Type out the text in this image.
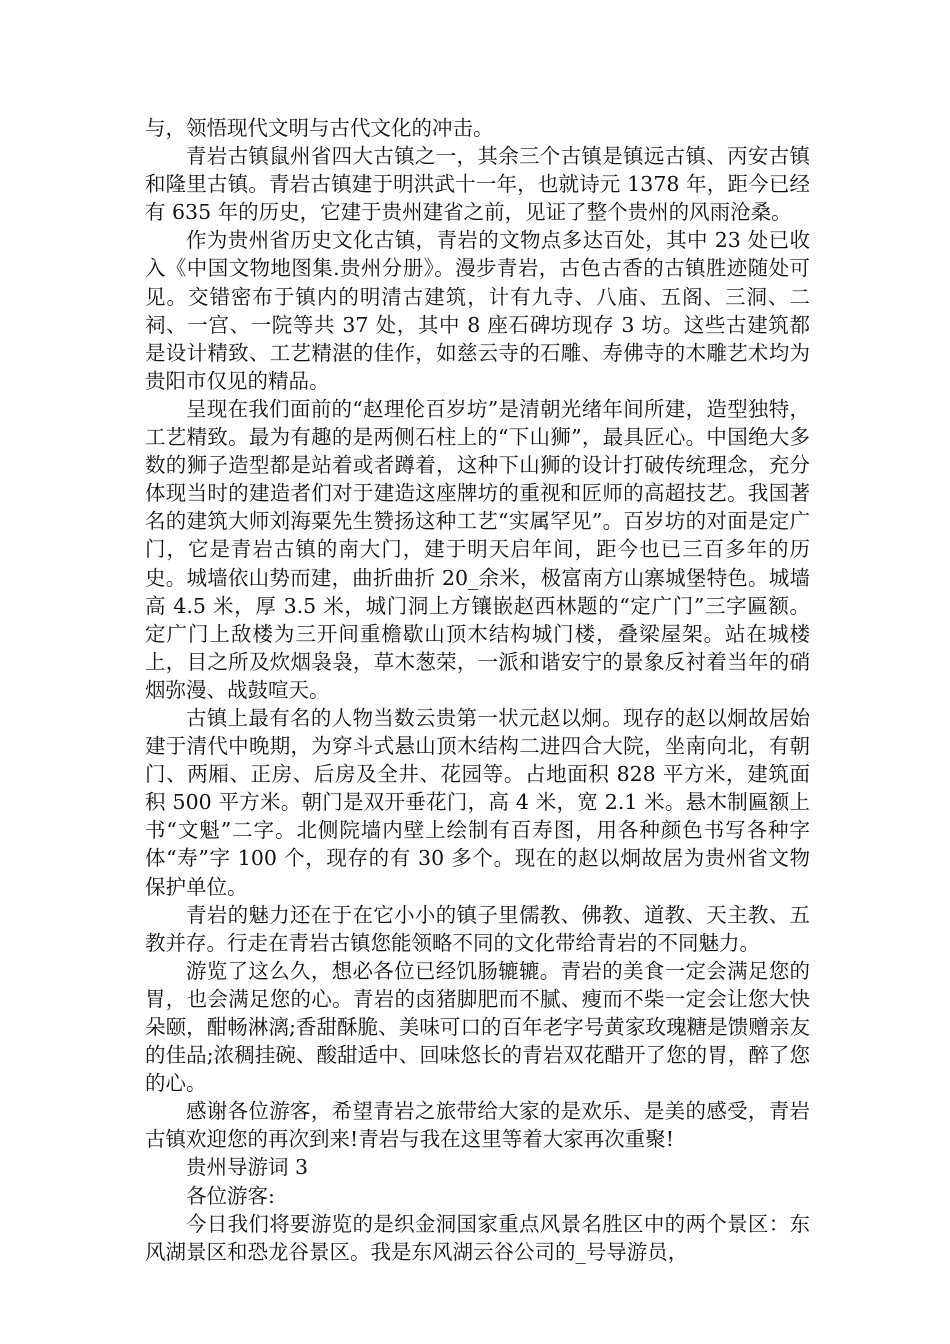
与，领悟现代文明与古代文化的冲击。

青岩古镇鼠州省四大古镇之一，其余三个古镇是镇远古镇、丙安古镇和隆里古镇。青岩古镇建于明洪武十一年，也就诗元 1378 年，距今已经有 635 年的历史，它建于贵州建省之前，见证了整个贵州的风雨沧桑。

作为贵州省历史文化古镇，青岩的文物点多达百处，其中 23 处已收入《中国文物地图集.贵州分册》。漫步青岩，古色古香的古镇胜迹随处可见。交错密布于镇内的明清古建筑，计有九寺、八庙、五阁、三洞、二祠、一宫、一院等共 37 处，其中 8 座石碑坊现存 3 坊。这些古建筑都是设计精致、工艺精湛的佳作，如慈云寺的石雕、寿佛寺的木雕艺术均为贵阳市仅见的精品。

呈现在我们面前的“赵理伦百岁坊”是清朝光绪年间所建，造型独特，工艺精致。最为有趣的是两侧石柱上的“下山狮”，最具匠心。中国绝大多数的狮子造型都是站着或者蹲着，这种下山狮的设计打破传统理念，充分体现当时的建造者们对于建造这座牌坊的重视和匠师的高超技艺。我国著名的建筑大师刘海粟先生赞扬这种工艺“实属罕见”。百岁坊的对面是定广门，它是青岩古镇的南大门，建于明天启年间，距今也已三百多年的历史。城墙依山势而建，曲折曲折 20_余米，极富南方山寨城堡特色。城墙高 4.5 米，厚 3.5 米，城门洞上方镶嵌赵西林题的“定广门”三字匾额。定广门上敌楼为三开间重檐歇山顶木结构城门楼，叠梁屋架。站在城楼上，目之所及炊烟袅袅，草木葱荣，一派和谐安宁的景象反衬着当年的硝烟弥漫、战鼓喧天。

古镇上最有名的人物当数云贵第一状元赵以炯。现存的赵以炯故居始建于清代中晚期，为穿斗式悬山顶木结构二进四合大院，坐南向北，有朝门、两厢、正房、后房及全井、花园等。占地面积 828 平方米，建筑面积 500 平方米。朝门是双开垂花门，高 4 米，宽 2.1 米。悬木制匾额上书“文魁”二字。北侧院墙内壁上绘制有百寿图，用各种颜色书写各种字体“寿”字 100 个，现存的有 30 多个。现在的赵以炯故居为贵州省文物保护单位。

青岩的魅力还在于在它小小的镇子里儒教、佛教、道教、天主教、五教并存。行走在青岩古镇您能领略不同的文化带给青岩的不同魅力。

游览了这么久，想必各位已经饥肠辘辘。青岩的美食一定会满足您的胃，也会满足您的心。青岩的卤猪脚肥而不腻、瘦而不柴一定会让您大快朵颐，酣畅淋漓;香甜酥脆、美味可口的百年老字号黄家玫瑰糖是馈赠亲友的佳品;浓稠挂碗、酸甜适中、回味悠长的青岩双花醋开了您的胃，醉了您的心。

感谢各位游客，希望青岩之旅带给大家的是欢乐、是美的感受，青岩古镇欢迎您的再次到来!青岩与我在这里等着大家再次重聚!

贵州导游词 3

各位游客:

今日我们将要游览的是织金洞国家重点风景名胜区中的两个景区：东风湖景区和恐龙谷景区。我是东风湖云谷公司的_号导游员，
